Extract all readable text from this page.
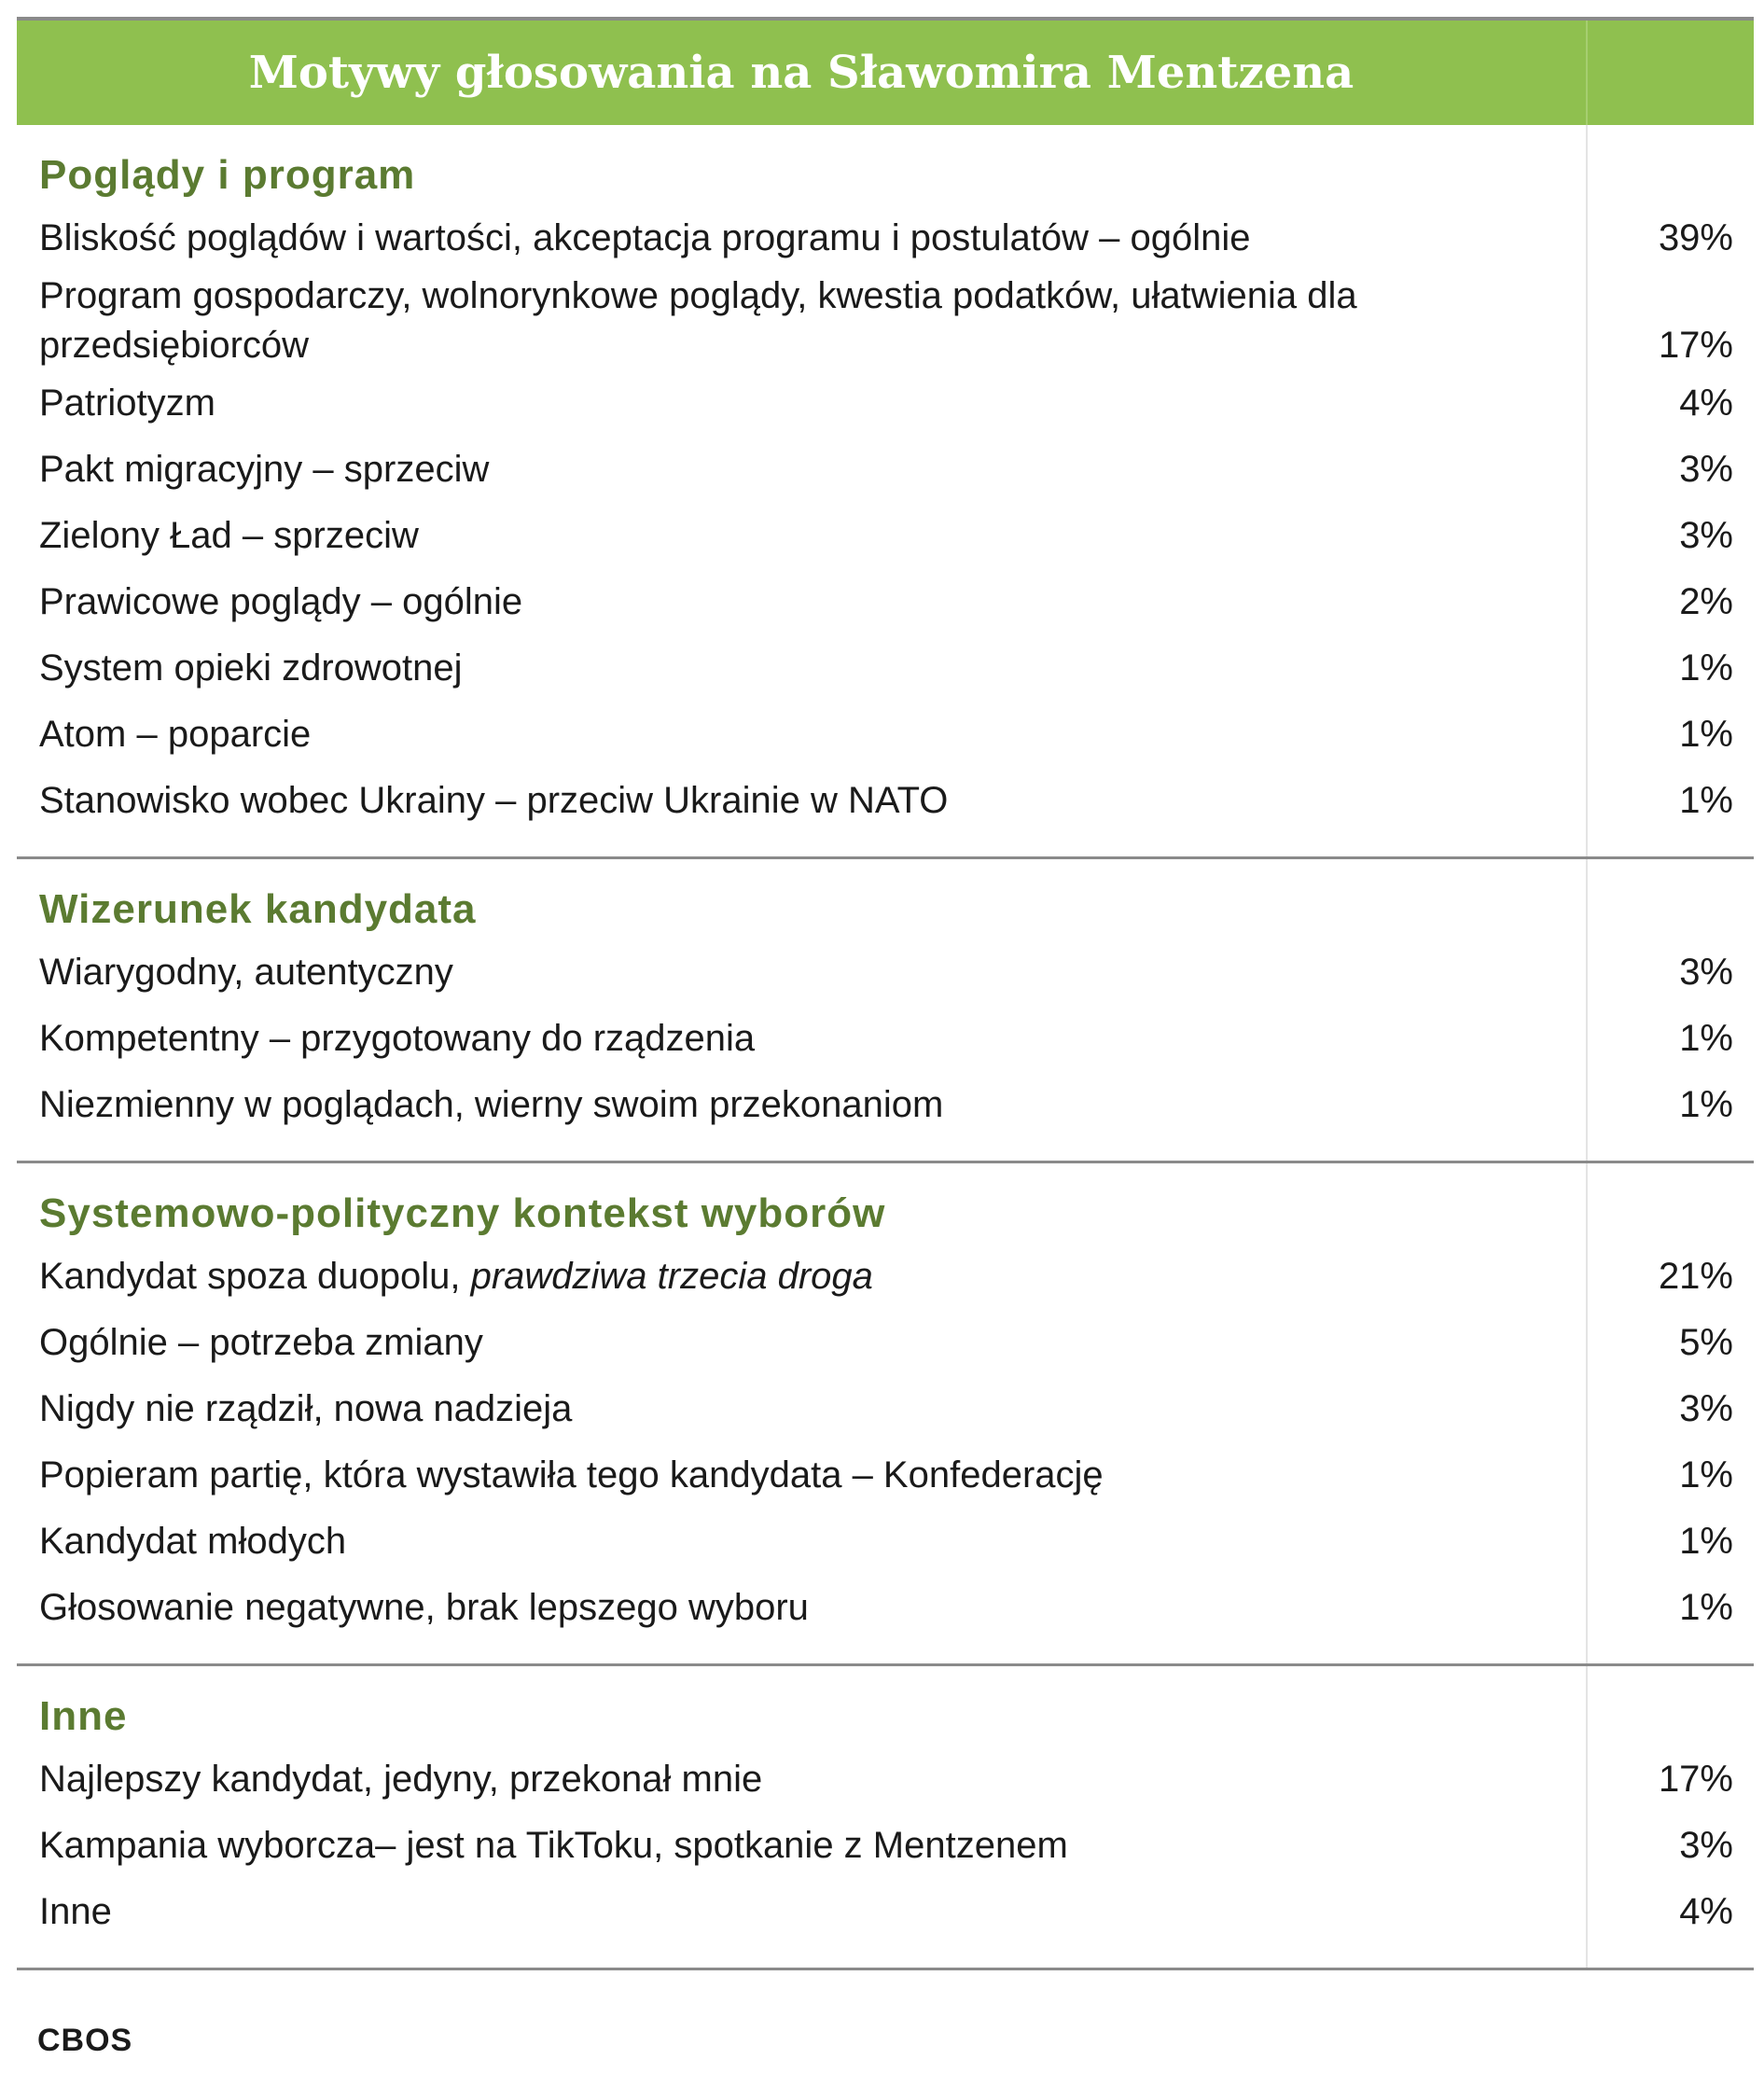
Motywy głosowania na Sławomira Mentzena
Poglądy i program
Bliskość poglądów i wartości, akceptacja programu i postulatów – ogólnie	39%
Program gospodarczy, wolnorynkowe poglądy, kwestia podatków, ułatwienia dla przedsiębiorców	17%
Patriotyzm	4%
Pakt migracyjny – sprzeciw	3%
Zielony Ład – sprzeciw	3%
Prawicowe poglądy – ogólnie	2%
System opieki zdrowotnej	1%
Atom – poparcie	1%
Stanowisko wobec Ukrainy – przeciw Ukrainie w NATO	1%
Wizerunek kandydata
Wiarygodny, autentyczny	3%
Kompetentny – przygotowany do rządzenia	1%
Niezmienny w poglądach, wierny swoim przekonaniom	1%
Systemowo-polityczny kontekst wyborów
Kandydat spoza duopolu, prawdziwa trzecia droga	21%
Ogólnie – potrzeba zmiany	5%
Nigdy nie rządził, nowa nadzieja	3%
Popieram partię, która wystawiła tego kandydata – Konfederację	1%
Kandydat młodych	1%
Głosowanie negatywne, brak lepszego wyboru	1%
Inne
Najlepszy kandydat, jedyny, przekonał mnie	17%
Kampania wyborcza– jest na TikToku, spotkanie z Mentzenem	3%
Inne	4%
CBOS
